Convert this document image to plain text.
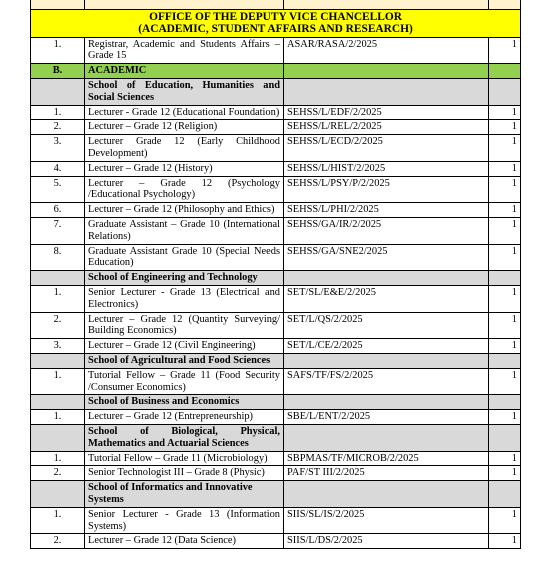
OFFICE OF THE DEPUTY VICE CHANCELLOR
(ACADEMIC, STUDENT AFFAIRS AND RESEARCH)			

1.	Registrar, Academic and Students Affairs – Grade 15	ASAR/RASA/2/2025	1
B.	ACADEMIC		
	School of Education, Humanities and Social Sciences		
1.	Lecturer - Grade 12 (Educational Foundation)	SEHSS/L/EDF/2/2025	1
2.	Lecturer – Grade 12 (Religion)	SEHSS/L/REL/2/2025	1
3.	Lecturer Grade 12 (Early Childhood Development)	SEHSS/L/ECD/2/2025	1
4.	Lecturer – Grade 12 (History)	SEHSS/L/HIST/2/2025	1
5.	Lecturer – Grade 12 (Psychology /Educational Psychology)	SEHSS/L/PSY/P/2/2025	1
6.	Lecturer – Grade 12 (Philosophy and Ethics)	SEHSS/L/PHI/2/2025	1
7.	Graduate Assistant – Grade 10 (International Relations)	SEHSS/GA/IR/2/2025	1
8.	Graduate Assistant Grade 10 (Special Needs Education)	SEHSS/GA/SNE2/2025	1
	School of Engineering and Technology		
1.	Senior Lecturer - Grade 13 (Electrical and Electronics)	SET/SL/E&E/2/2025	1
2.	Lecturer – Grade 12 (Quantity Surveying/ Building Economics)	SET/L/QS/2/2025	1
3.	Lecturer – Grade 12 (Civil Engineering)	SET/L/CE/2/2025	1
	School of Agricultural and Food Sciences		
1.	Tutorial Fellow – Grade 11 (Food Security /Consumer Economics)	SAFS/TF/FS/2/2025	1
	School of Business and Economics		
1.	Lecturer – Grade 12 (Entrepreneurship)	SBE/L/ENT/2/2025	1
	School of Biological, Physical, Mathematics and Actuarial Sciences		
1.	Tutorial Fellow – Grade 11 (Microbiology)	SBPMAS/TF/MICROB/2/2025	1
2.	Senior Technologist III – Grade 8 (Physic)	PAF/ST III/2/2025	1
	School of Informatics and Innovative Systems		
1.	Senior Lecturer - Grade 13 (Information Systems)	SIIS/SL/IS/2/2025	1
2.	Lecturer – Grade 12 (Data Science)	SIIS/L/DS/2/2025	1
